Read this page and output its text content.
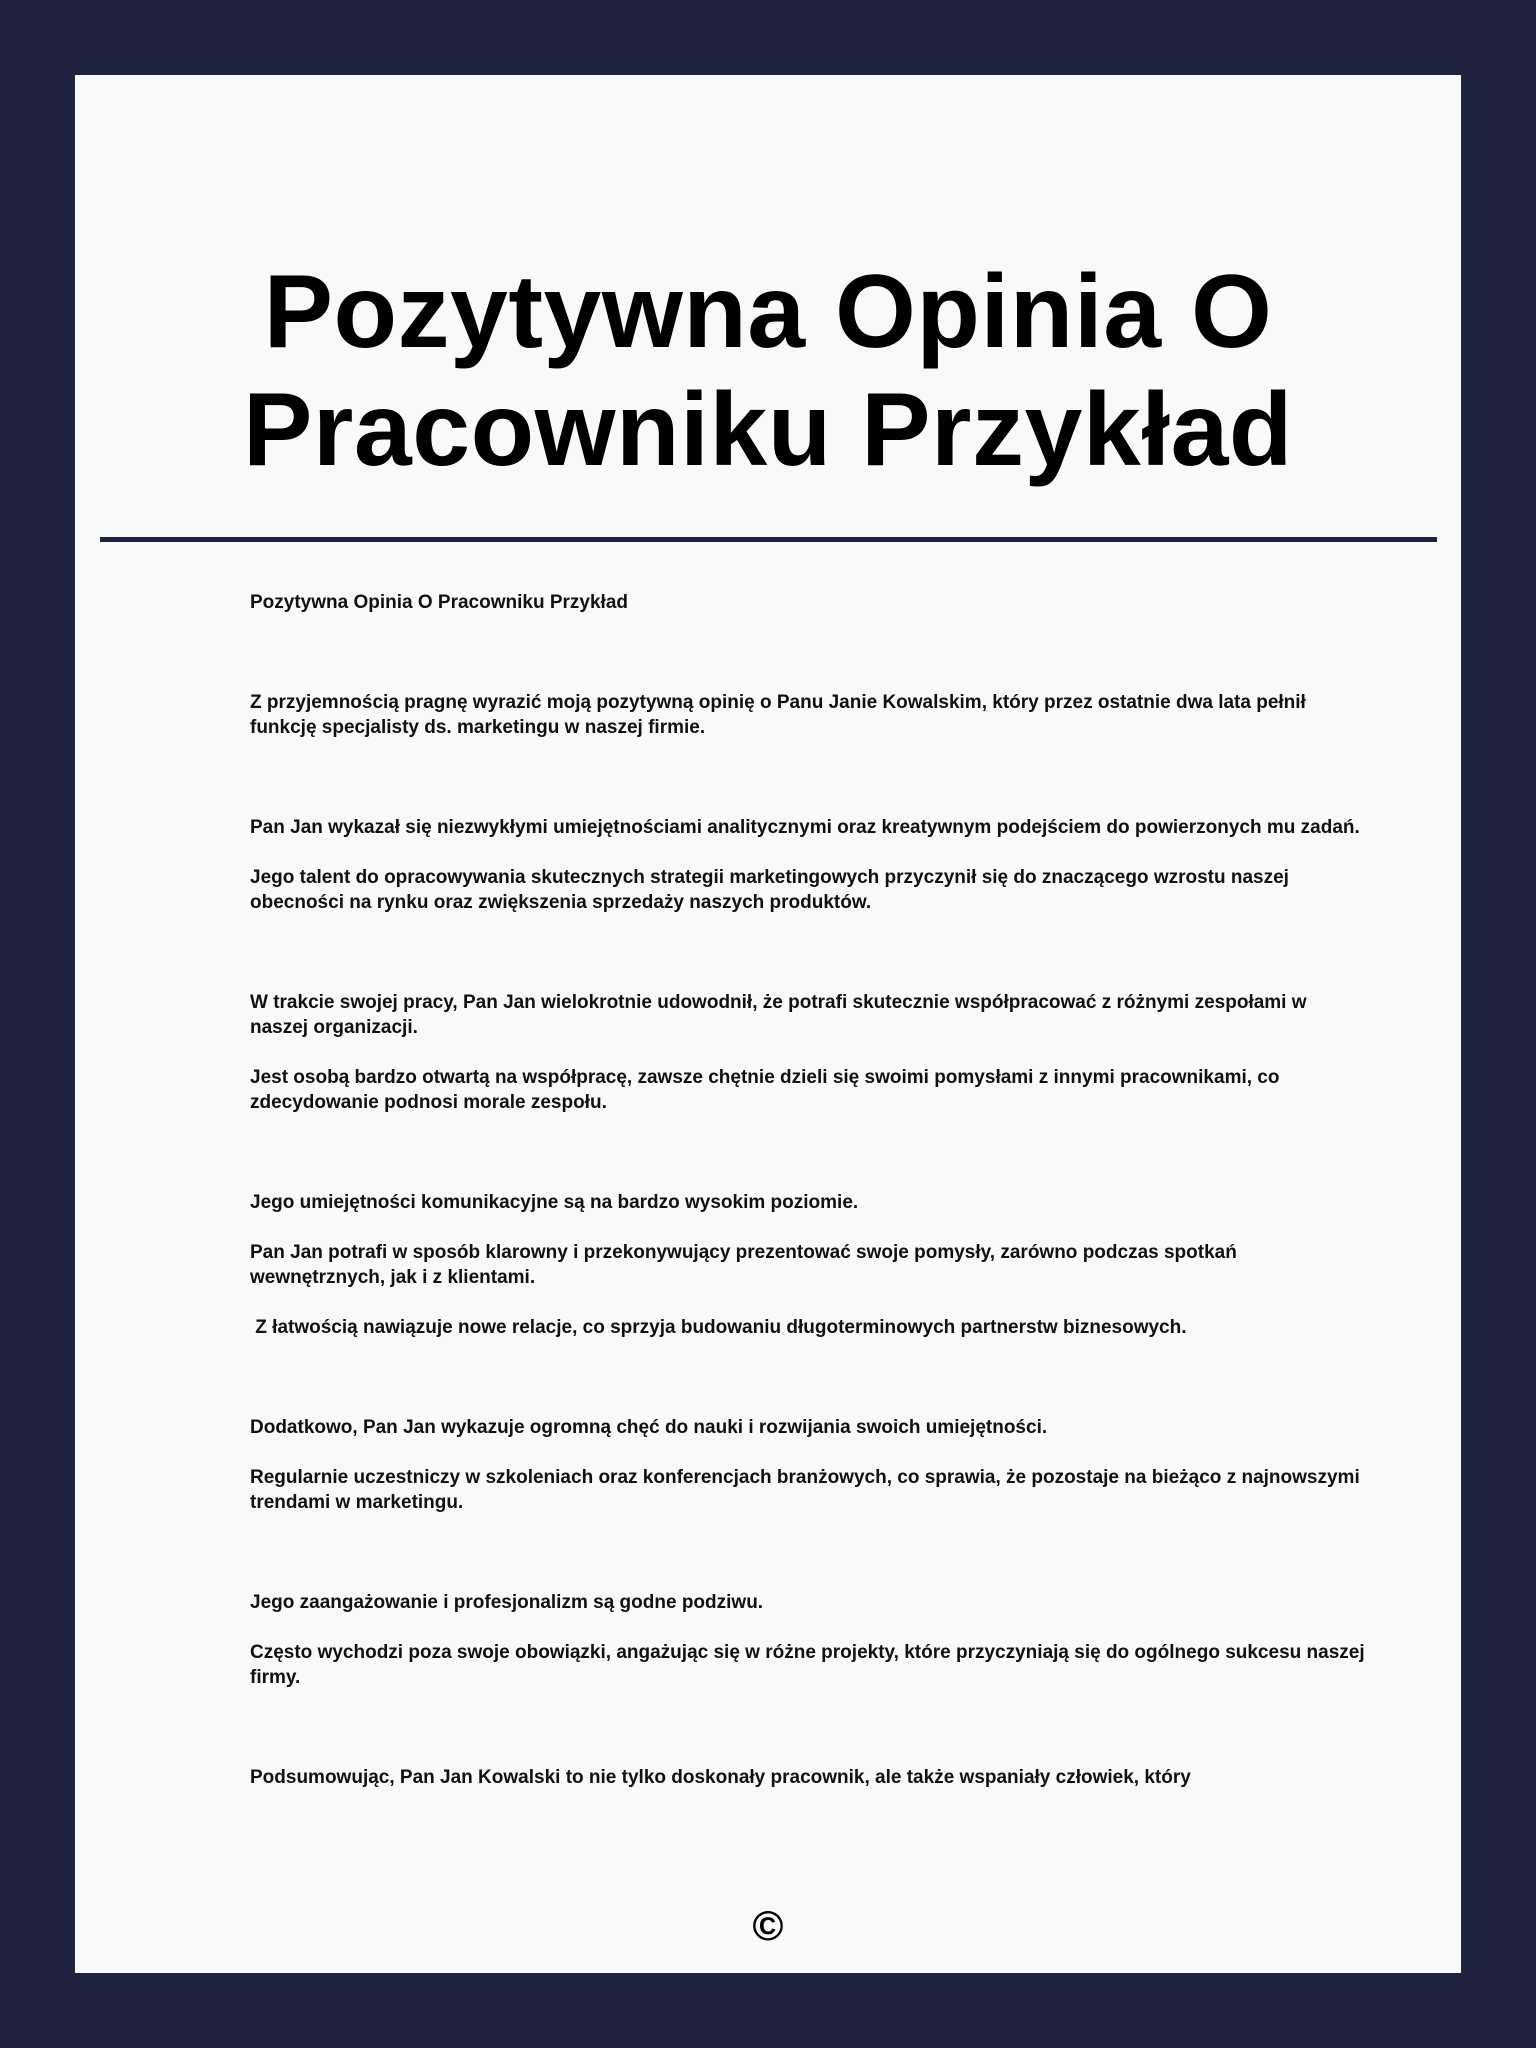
Pozytywna Opinia O Pracowniku Przykład

Pozytywna Opinia O Pracowniku Przykład

Z przyjemnością pragnę wyrazić moją pozytywną opinię o Panu Janie Kowalskim, który przez ostatnie dwa lata pełnił funkcję specjalisty ds. marketingu w naszej firmie.

Pan Jan wykazał się niezwykłymi umiejętnościami analitycznymi oraz kreatywnym podejściem do powierzonych mu zadań.

Jego talent do opracowywania skutecznych strategii marketingowych przyczynił się do znaczącego wzrostu naszej obecności na rynku oraz zwiększenia sprzedaży naszych produktów.

W trakcie swojej pracy, Pan Jan wielokrotnie udowodnił, że potrafi skutecznie współpracować z różnymi zespołami w naszej organizacji.

Jest osobą bardzo otwartą na współpracę, zawsze chętnie dzieli się swoimi pomysłami z innymi pracownikami, co zdecydowanie podnosi morale zespołu.

Jego umiejętności komunikacyjne są na bardzo wysokim poziomie.

Pan Jan potrafi w sposób klarowny i przekonywujący prezentować swoje pomysły, zarówno podczas spotkań wewnętrznych, jak i z klientami.

Z łatwością nawiązuje nowe relacje, co sprzyja budowaniu długoterminowych partnerstw biznesowych.

Dodatkowo, Pan Jan wykazuje ogromną chęć do nauki i rozwijania swoich umiejętności.

Regularnie uczestniczy w szkoleniach oraz konferencjach branżowych, co sprawia, że pozostaje na bieżąco z najnowszymi trendami w marketingu.

Jego zaangażowanie i profesjonalizm są godne podziwu.

Często wychodzi poza swoje obowiązki, angażując się w różne projekty, które przyczyniają się do ogólnego sukcesu naszej firmy.

Podsumowując, Pan Jan Kowalski to nie tylko doskonały pracownik, ale także wspaniały człowiek, który

©
